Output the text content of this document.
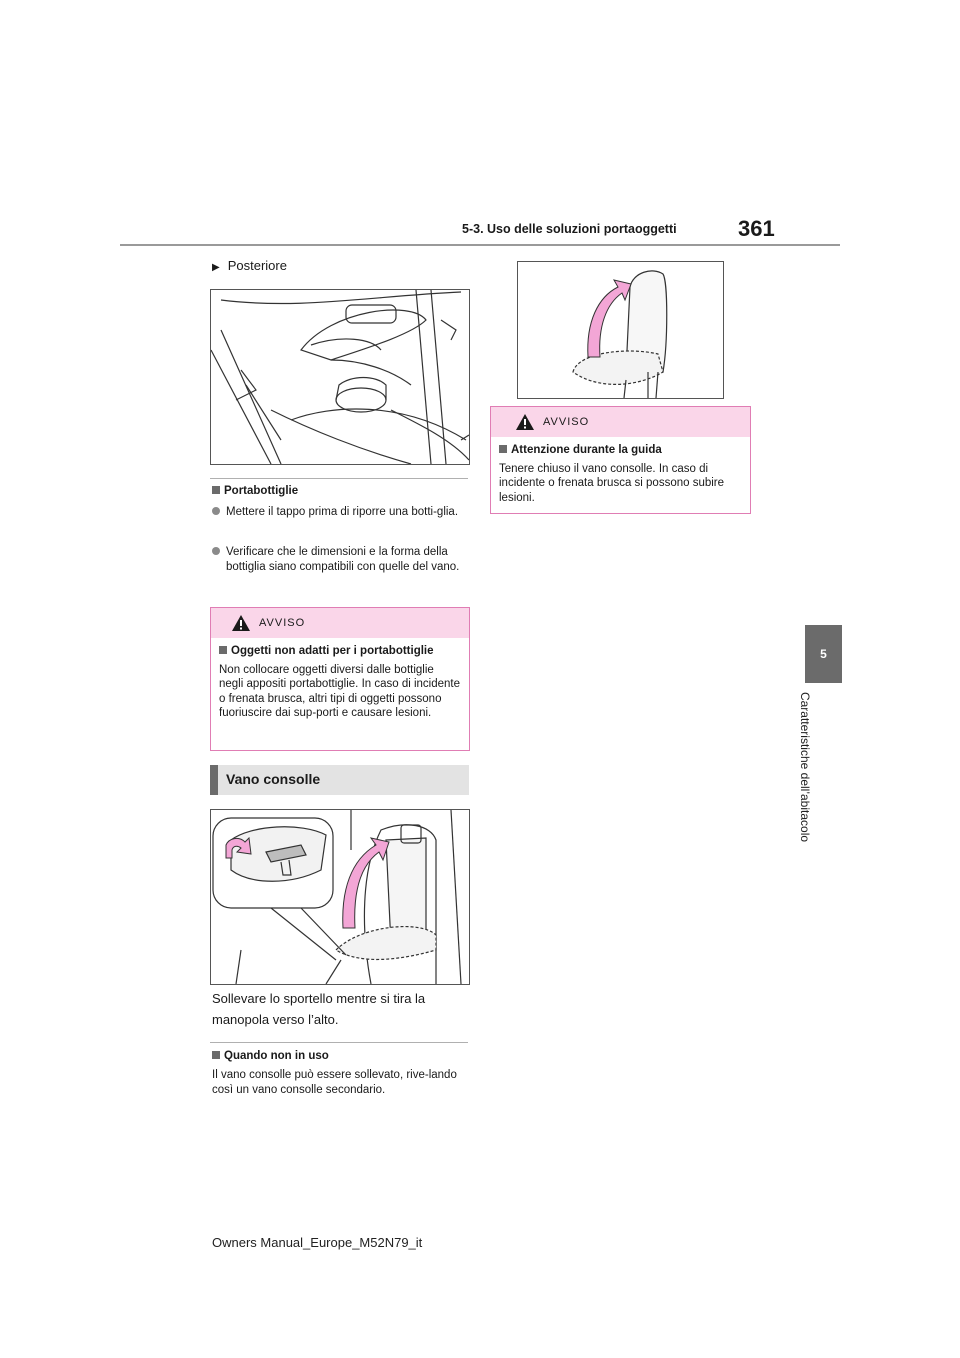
5-3. Uso delle soluzioni portaoggetti	361
5
Caratteristiche dell’abitacolo
▶ Posteriore
Portabottiglie
Mettere il tappo prima di riporre una botti-glia.
Verificare che le dimensioni e la forma della bottiglia siano compatibili con quelle del vano.
AVVISO
Oggetti non adatti per i portabottiglie
Non collocare oggetti diversi dalle bottiglie negli appositi portabottiglie. In caso di incidente o frenata brusca, altri tipi di oggetti possono fuoriuscire dai sup-porti e causare lesioni.
Vano consolle
Sollevare lo sportello mentre si tira la manopola verso l’alto.
Quando non in uso
Il vano consolle può essere sollevato, rive-lando così un vano consolle secondario.
AVVISO
Attenzione durante la guida
Tenere chiuso il vano consolle. In caso di incidente o frenata brusca si possono subire lesioni.
Owners Manual_Europe_M52N79_it
